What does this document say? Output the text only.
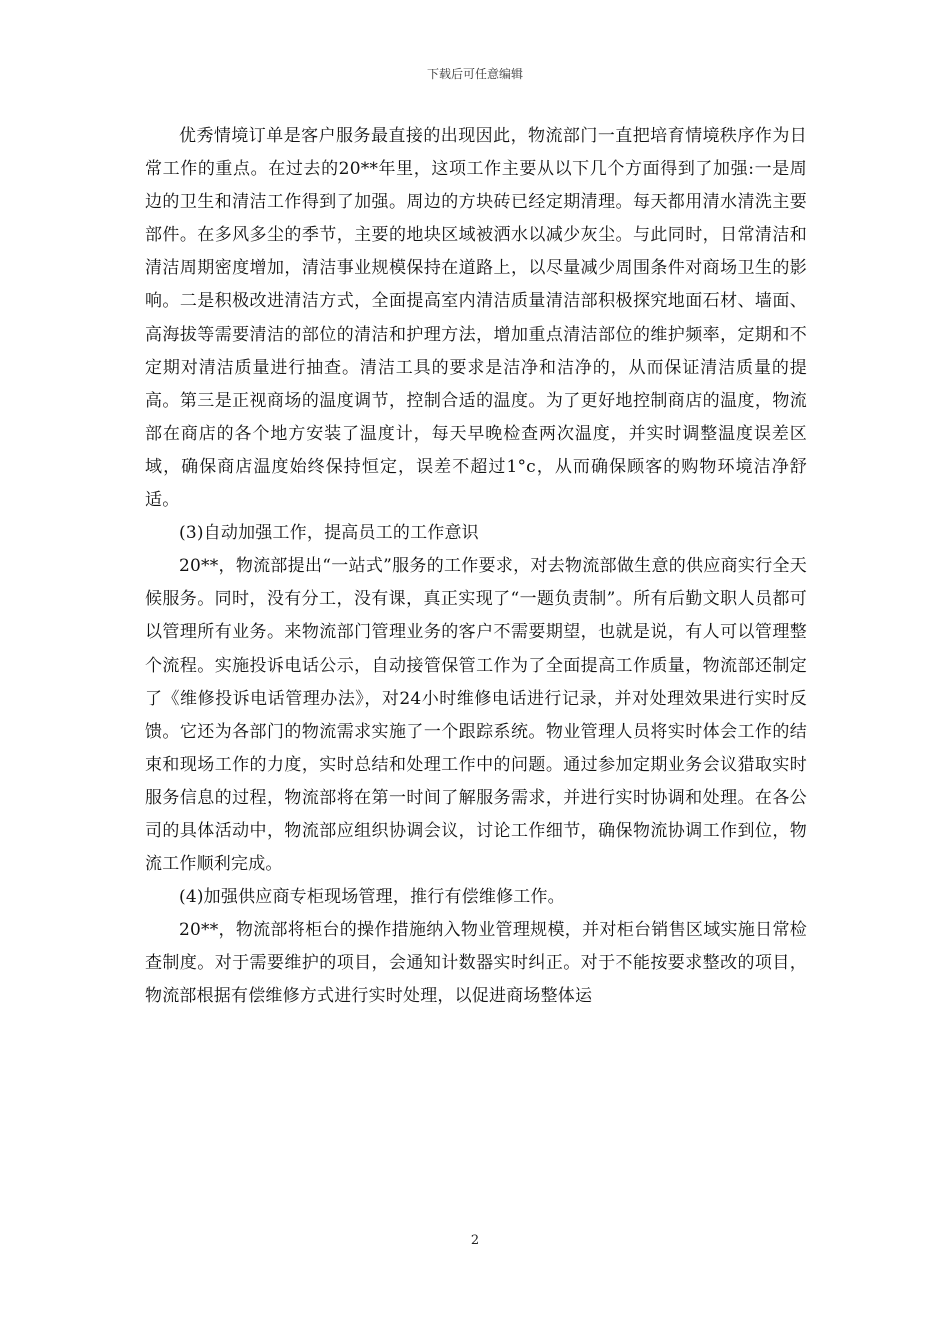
下载后可任意编辑

优秀情境订单是客户服务最直接的出现因此，物流部门一直把培育情境秩序作为日常工作的重点。在过去的20**年里，这项工作主要从以下几个方面得到了加强:一是周边的卫生和清洁工作得到了加强。周边的方块砖已经定期清理。每天都用清水清洗主要部件。在多风多尘的季节，主要的地块区域被洒水以减少灰尘。与此同时，日常清洁和清洁周期密度增加，清洁事业规模保持在道路上，以尽量减少周围条件对商场卫生的影响。二是积极改进清洁方式，全面提高室内清洁质量清洁部积极探究地面石材、墙面、高海拔等需要清洁的部位的清洁和护理方法，增加重点清洁部位的维护频率，定期和不定期对清洁质量进行抽查。清洁工具的要求是洁净和洁净的，从而保证清洁质量的提高。第三是正视商场的温度调节，控制合适的温度。为了更好地控制商店的温度，物流部在商店的各个地方安装了温度计，每天早晚检查两次温度，并实时调整温度误差区域，确保商店温度始终保持恒定，误差不超过1°c，从而确保顾客的购物环境洁净舒适。

(3)自动加强工作，提高员工的工作意识

20**，物流部提出“一站式”服务的工作要求，对去物流部做生意的供应商实行全天候服务。同时，没有分工，没有课，真正实现了“一题负责制”。所有后勤文职人员都可以管理所有业务。来物流部门管理业务的客户不需要期望，也就是说，有人可以管理整个流程。实施投诉电话公示，自动接管保管工作为了全面提高工作质量，物流部还制定了《维修投诉电话管理办法》，对24小时维修电话进行记录，并对处理效果进行实时反馈。它还为各部门的物流需求实施了一个跟踪系统。物业管理人员将实时体会工作的结束和现场工作的力度，实时总结和处理工作中的问题。通过参加定期业务会议猎取实时服务信息的过程，物流部将在第一时间了解服务需求，并进行实时协调和处理。在各公司的具体活动中，物流部应组织协调会议，讨论工作细节，确保物流协调工作到位，物流工作顺利完成。

(4)加强供应商专柜现场管理，推行有偿维修工作。

20**，物流部将柜台的操作措施纳入物业管理规模，并对柜台销售区域实施日常检查制度。对于需要维护的项目，会通知计数器实时纠正。对于不能按要求整改的项目，物流部根据有偿维修方式进行实时处理，以促进商场整体运

2
